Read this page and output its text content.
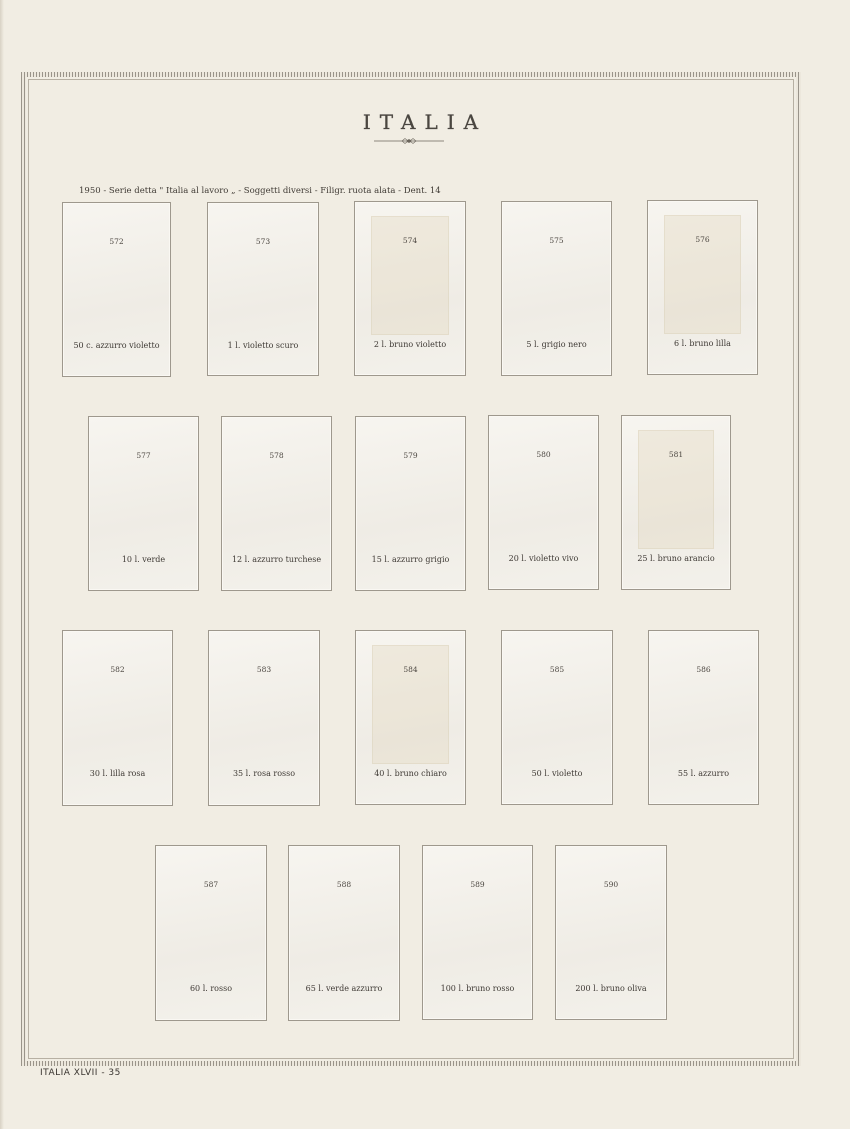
ITALIA
1950 - Serie detta " Italia al lavoro „ - Soggetti diversi - Filigr. ruota alata - Dent. 14
572
50 c. azzurro violetto
573
1 l. violetto scuro
574
2 l. bruno violetto
575
5 l. grigio nero
576
6 l. bruno lilla
577
10 l. verde
578
12 l. azzurro turchese
579
15 l. azzurro grigio
580
20 l. violetto vivo
581
25 l. bruno arancio
582
30 l. lilla rosa
583
35 l. rosa rosso
584
40 l. bruno chiaro
585
50 l. violetto
586
55 l. azzurro
587
60 l. rosso
588
65 l. verde azzurro
589
100 l. bruno rosso
590
200 l. bruno oliva
ITALIA XLVII - 35
